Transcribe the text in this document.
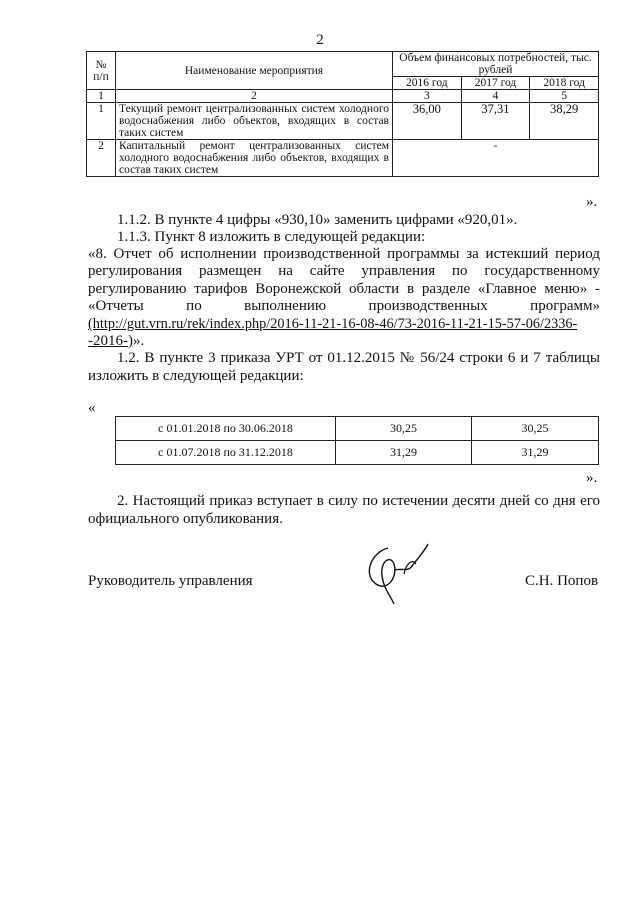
2
№ п/п	Наименование мероприятия	Объем финансовых потребностей, тыс. рублей		
		2016 год	2017 год	2018 год
1	2	3	4	5
1	Текущий ремонт централизованных систем холодного водоснабжения либо объектов, входящих в состав таких систем	36,00	37,31	38,29
2	Капитальный ремонт централизованных систем холодного водоснабжения либо объектов, входящих в состав таких систем	-		
».
1.1.2. В пункте 4 цифры «930,10» заменить цифрами «920,01».
1.1.3. Пункт 8 изложить в следующей редакции:
«8. Отчет об исполнении производственной программы за истекший период
регулирования размещен на сайте управления по государственному
регулированию тарифов Воронежской области в разделе «Главное меню» -
«Отчеты по выполнению производственных программ»
(http://gut.vrn.ru/rek/index.php/2016-11-21-16-08-46/73-2016-11-21-15-57-06/2336-
-2016-)».
1.2. В пункте 3 приказа УРТ от 01.12.2015 № 56/24 строки 6 и 7 таблицы
изложить в следующей редакции:
«
с 01.01.2018 по 30.06.2018	30,25	30,25
с 01.07.2018 по 31.12.2018	31,29	31,29
».
2. Настоящий приказ вступает в силу по истечении десяти дней со дня его
официального опубликования.
Руководитель управления	С.Н. Попов
